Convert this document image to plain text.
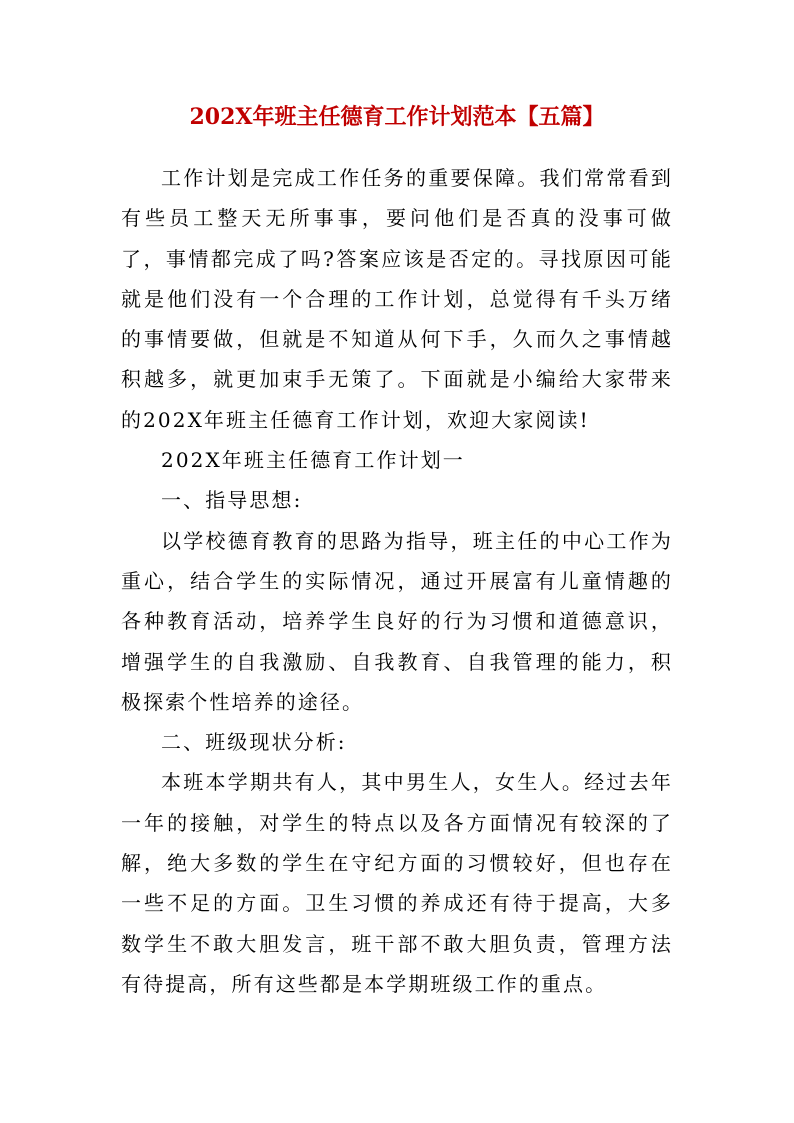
202X年班主任德育工作计划范本【五篇】

工作计划是完成工作任务的重要保障。我们常常看到有些员工整天无所事事，要问他们是否真的没事可做了，事情都完成了吗?答案应该是否定的。寻找原因可能就是他们没有一个合理的工作计划，总觉得有千头万绪的事情要做，但就是不知道从何下手，久而久之事情越积越多，就更加束手无策了。下面就是小编给大家带来的202X年班主任德育工作计划，欢迎大家阅读!

202X年班主任德育工作计划一

一、指导思想:

以学校德育教育的思路为指导，班主任的中心工作为重心，结合学生的实际情况，通过开展富有儿童情趣的各种教育活动，培养学生良好的行为习惯和道德意识，增强学生的自我激励、自我教育、自我管理的能力，积极探索个性培养的途径。

二、班级现状分析:

本班本学期共有人，其中男生人，女生人。经过去年一年的接触，对学生的特点以及各方面情况有较深的了解，绝大多数的学生在守纪方面的习惯较好，但也存在一些不足的方面。卫生习惯的养成还有待于提高，大多数学生不敢大胆发言，班干部不敢大胆负责，管理方法有待提高，所有这些都是本学期班级工作的重点。
